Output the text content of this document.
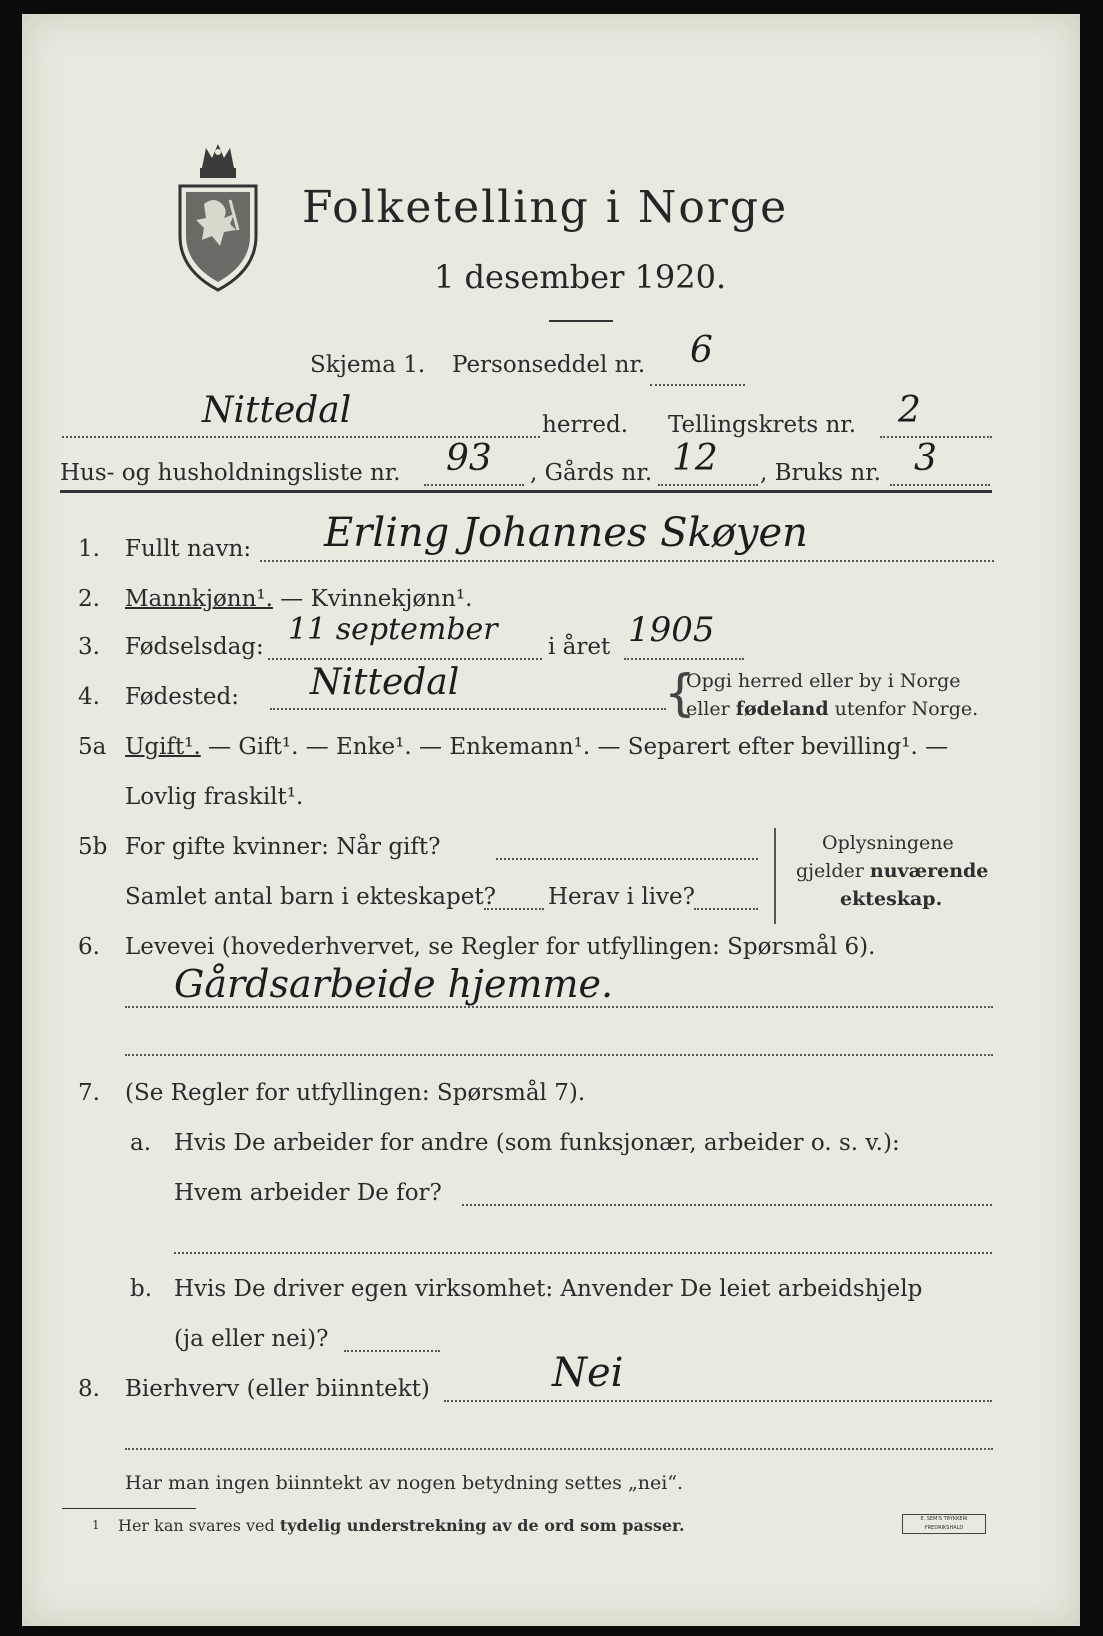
Folketelling i Norge
1 desember 1920.
Skjema 1. Personseddel nr. 6
Nittedal	herred. Tellingskrets nr. 2
Hus- og husholdningsliste nr. 93 , Gårds nr. 12 , Bruks nr. 3
1. Fullt navn: Erling Johannes Skøyen
2. Mannkjønn¹. — Kvinnekjønn¹.
3. Fødselsdag: 11 september i året 1905
4. Fødested: Nittedal	{
Opgi herred eller by i Norge
eller fødeland utenfor Norge.
5a Ugift¹. — Gift¹. — Enke¹. — Enkemann¹. — Separert efter bevilling¹. —
Lovlig fraskilt¹.
5b For gifte kvinner: Når gift?
Samlet antal barn i ekteskapet? Herav i live?
Oplysningene
gjelder nuværende
ekteskap.
6. Levevei (hovederhvervet, se Regler for utfyllingen: Spørsmål 6).
Gårdsarbeide hjemme.
7. (Se Regler for utfyllingen: Spørsmål 7).
a. Hvis De arbeider for andre (som funksjonær, arbeider o. s. v.):
Hvem arbeider De for?
b. Hvis De driver egen virksomhet: Anvender De leiet arbeidshjelp
(ja eller nei)?
8. Bierhverv (eller biinntekt)	Nei
Har man ingen biinntekt av nogen betydning settes „nei“.
1 Her kan svares ved tydelig understrekning av de ord som passer.	E. SEM'S TRYKKERI FREDRIKSHALD
